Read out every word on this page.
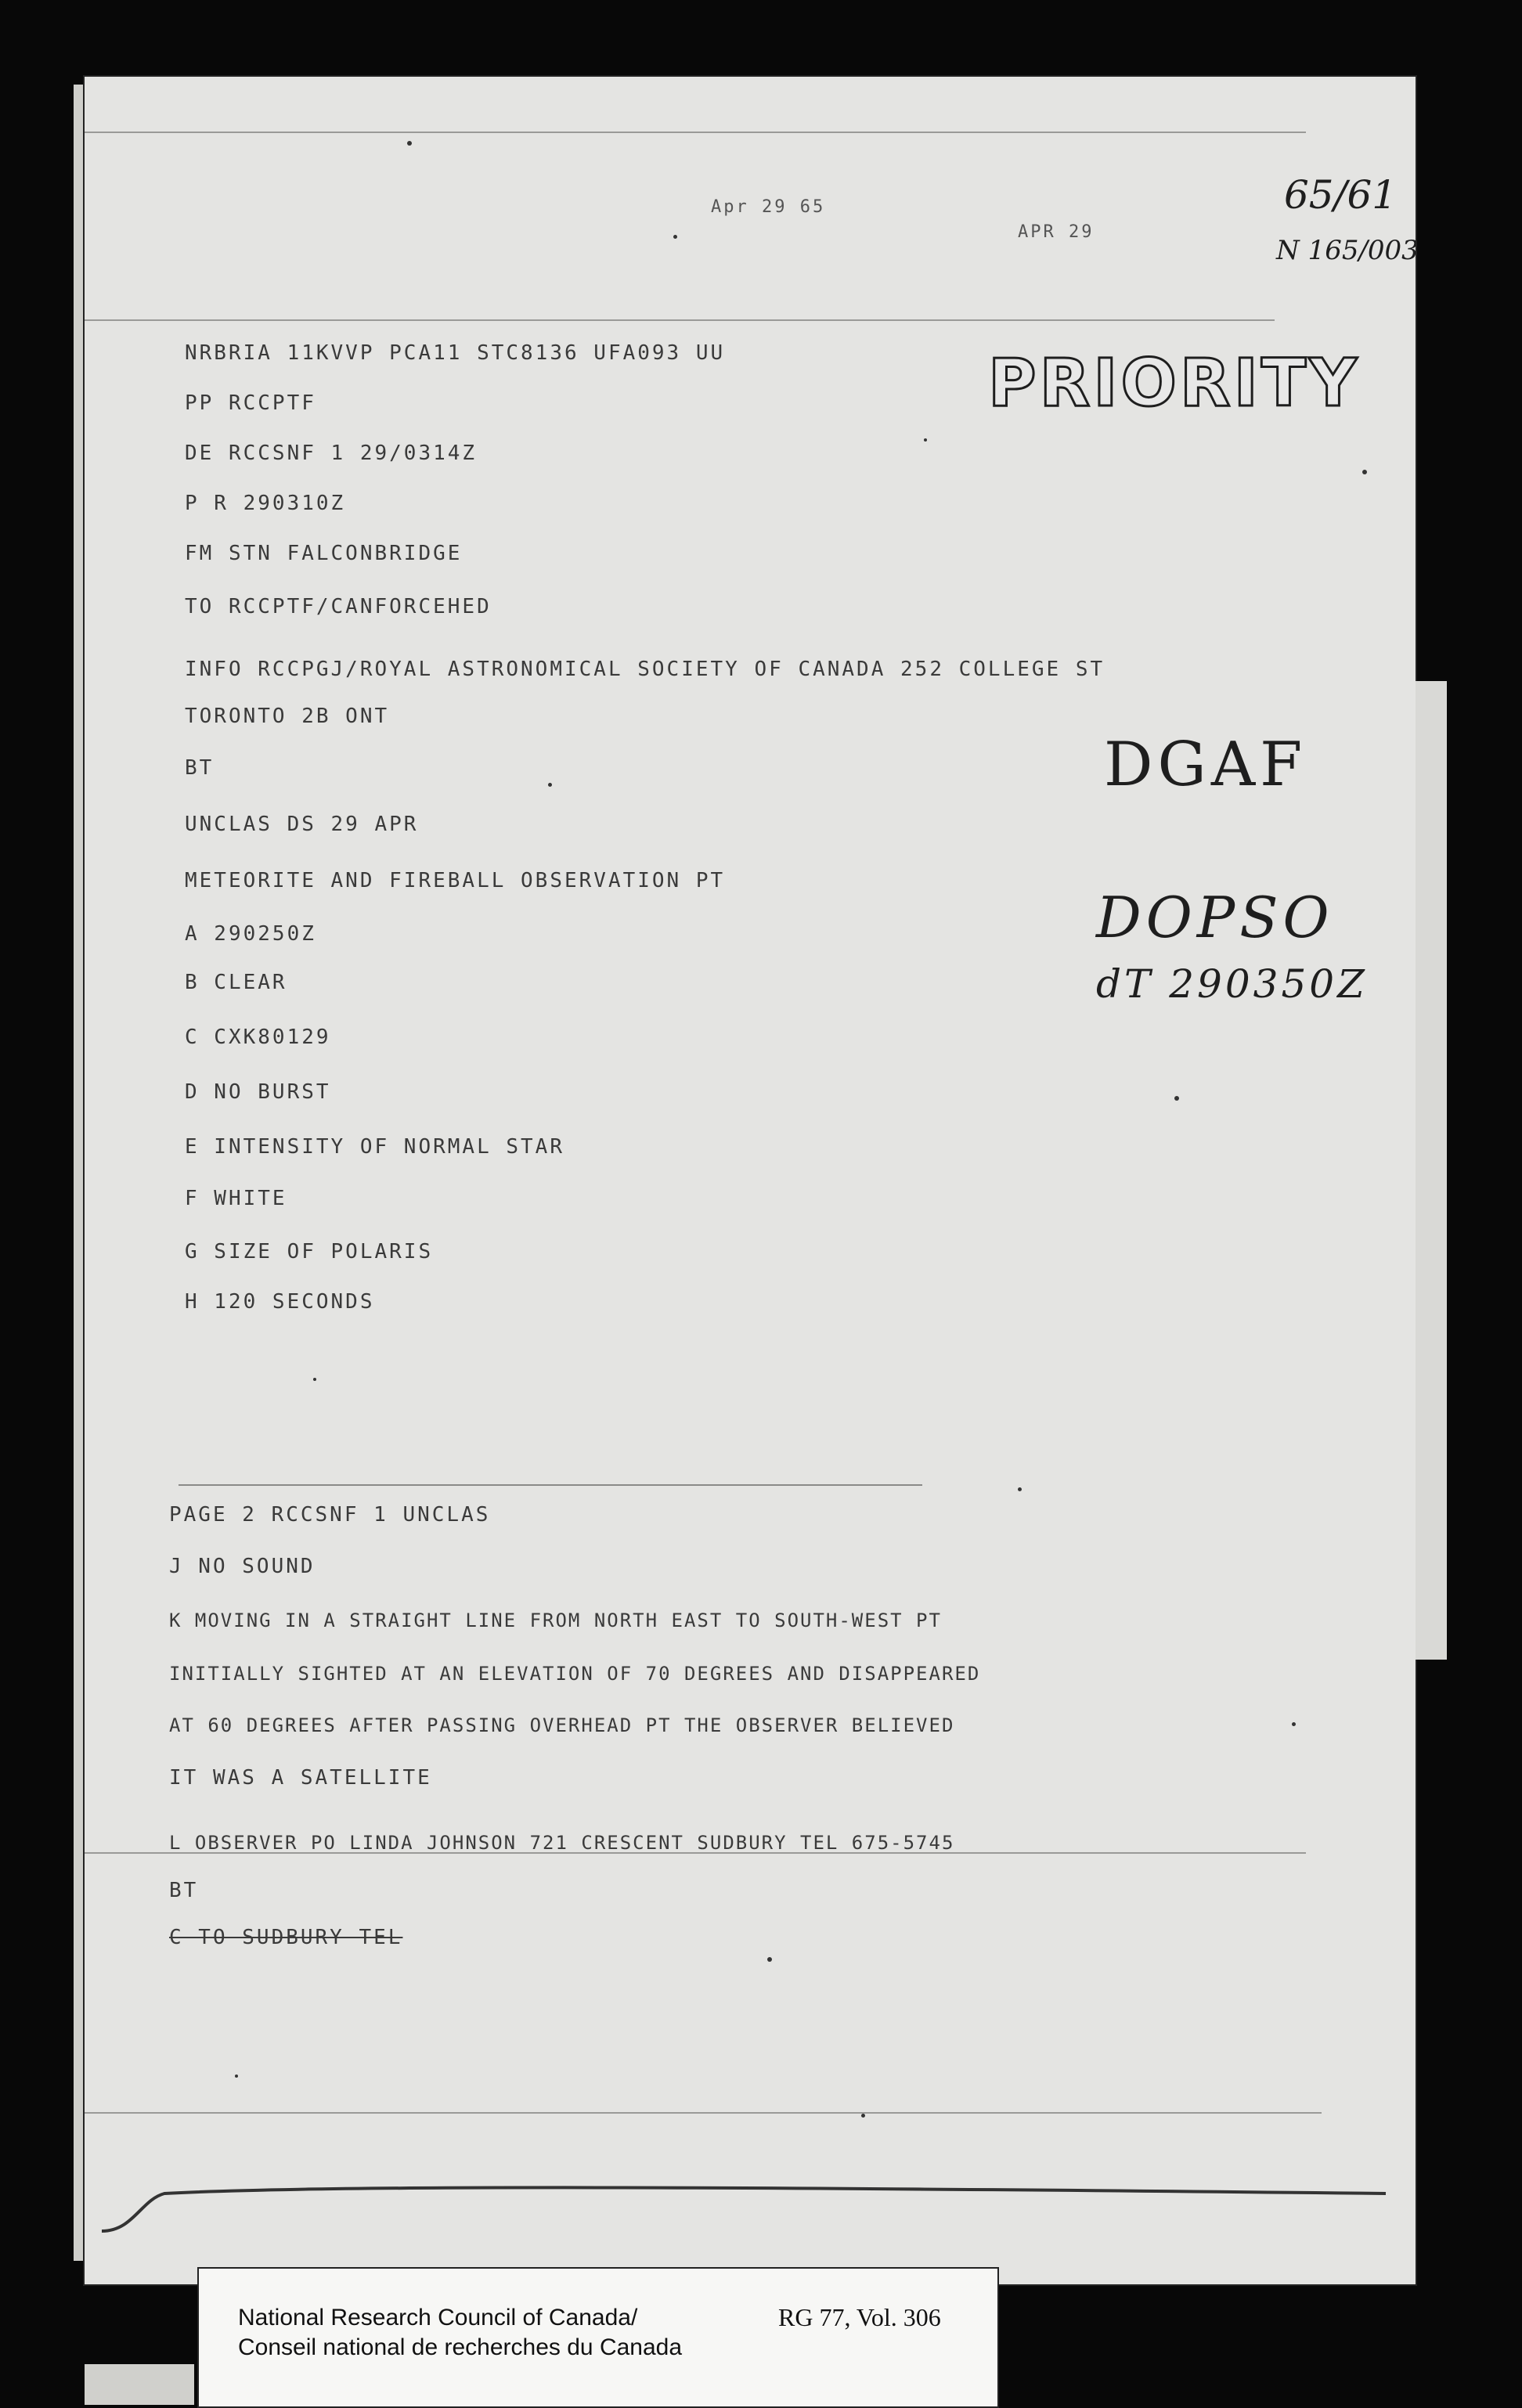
Apr 29 65
APR 29
65/61
N 165/003
PRIORITY
DGAF
DOPSO
dT 290350Z
NRBRIA 11KVVP PCA11 STC8136 UFA093 UU
PP RCCPTF
DE RCCSNF 1 29/0314Z
P R 290310Z
FM STN FALCONBRIDGE
TO RCCPTF/CANFORCEHED
INFO RCCPGJ/ROYAL ASTRONOMICAL SOCIETY OF CANADA 252 COLLEGE ST
TORONTO 2B ONT
BT
UNCLAS DS 29 APR
METEORITE AND FIREBALL OBSERVATION PT
A 290250Z
B CLEAR
C CXK80129
D NO BURST
E INTENSITY OF NORMAL STAR
F WHITE
G SIZE OF POLARIS
H 120 SECONDS
PAGE 2 RCCSNF 1 UNCLAS
J NO SOUND
K MOVING IN A STRAIGHT LINE FROM NORTH EAST TO SOUTH-WEST PT
INITIALLY SIGHTED AT AN ELEVATION OF 70 DEGREES AND DISAPPEARED
AT 60 DEGREES AFTER PASSING OVERHEAD PT THE OBSERVER BELIEVED
IT WAS A SATELLITE
L OBSERVER PO LINDA JOHNSON 721 CRESCENT SUDBURY TEL 675-5745
BT
C TO SUDBURY TEL
National Research Council of Canada/
Conseil national de recherches du Canada
RG 77, Vol. 306
